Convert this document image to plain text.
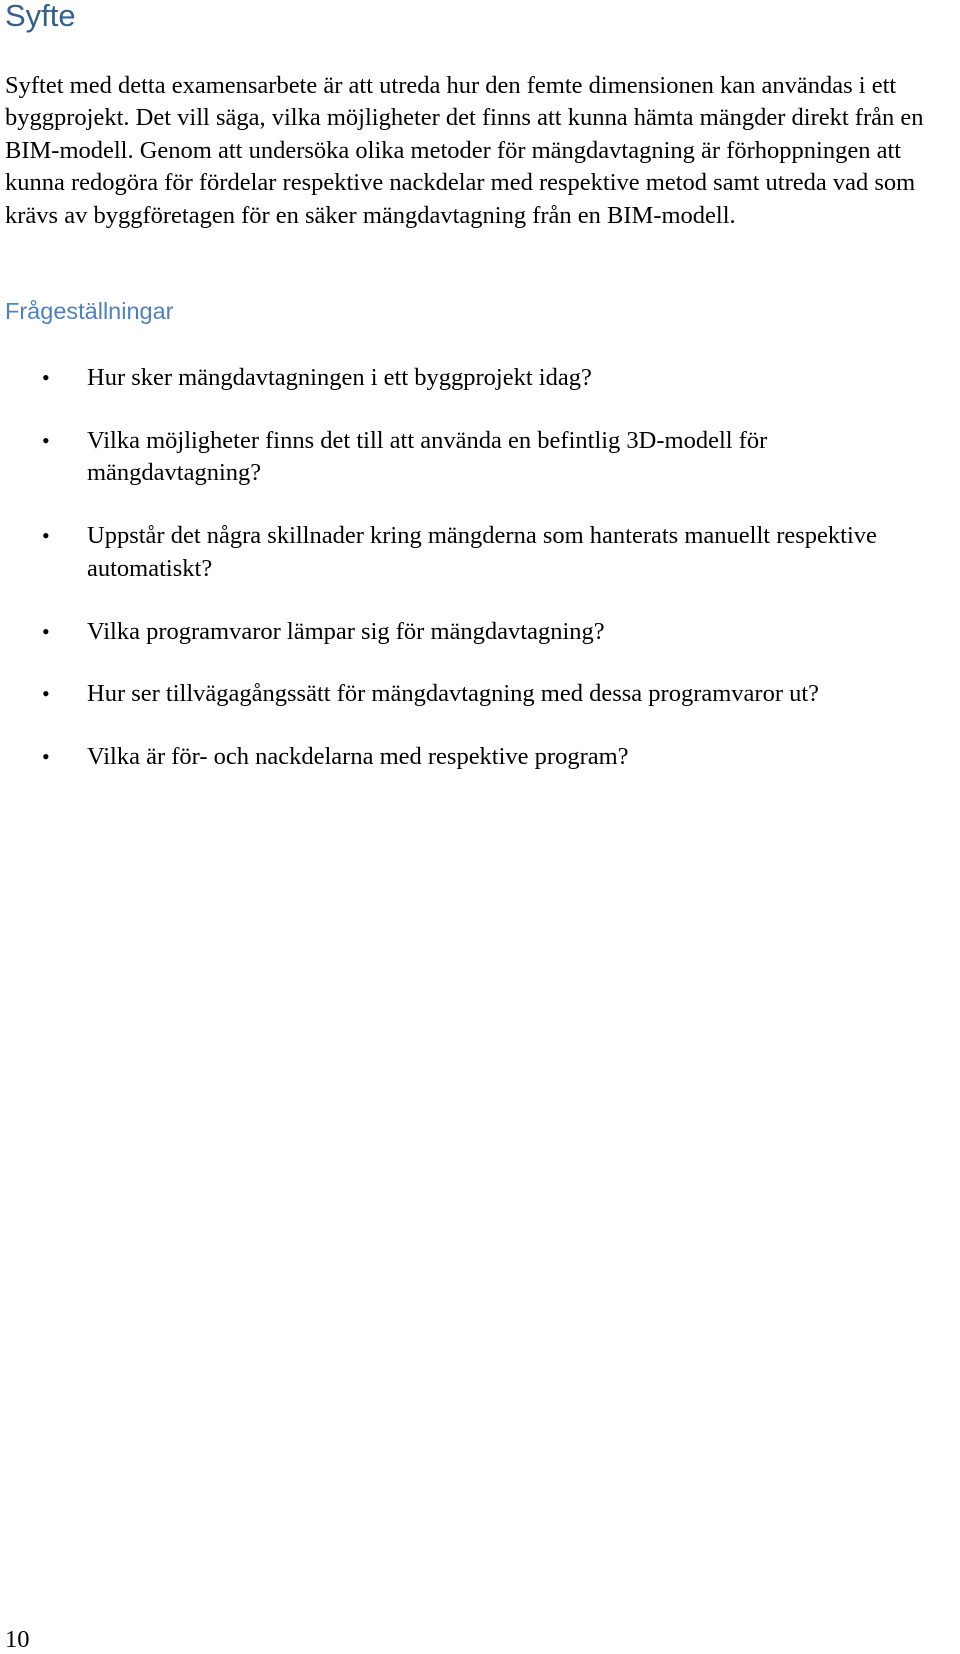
Syfte

Syftet med detta examensarbete är att utreda hur den femte dimensionen kan användas i ett byggprojekt. Det vill säga, vilka möjligheter det finns att kunna hämta mängder direkt från en BIM-modell. Genom att undersöka olika metoder för mängdavtagning är förhoppningen att kunna redogöra för fördelar respektive nackdelar med respektive metod samt utreda vad som krävs av byggföretagen för en säker mängdavtagning från en BIM-modell.

Frågeställningar
• Hur sker mängdavtagningen i ett byggprojekt idag?
• Vilka möjligheter finns det till att använda en befintlig 3D-modell för mängdavtagning?
• Uppstår det några skillnader kring mängderna som hanterats manuellt respektive automatiskt?
• Vilka programvaror lämpar sig för mängdavtagning?
• Hur ser tillvägagångssätt för mängdavtagning med dessa programvaror ut?
• Vilka är för- och nackdelarna med respektive program?

10
